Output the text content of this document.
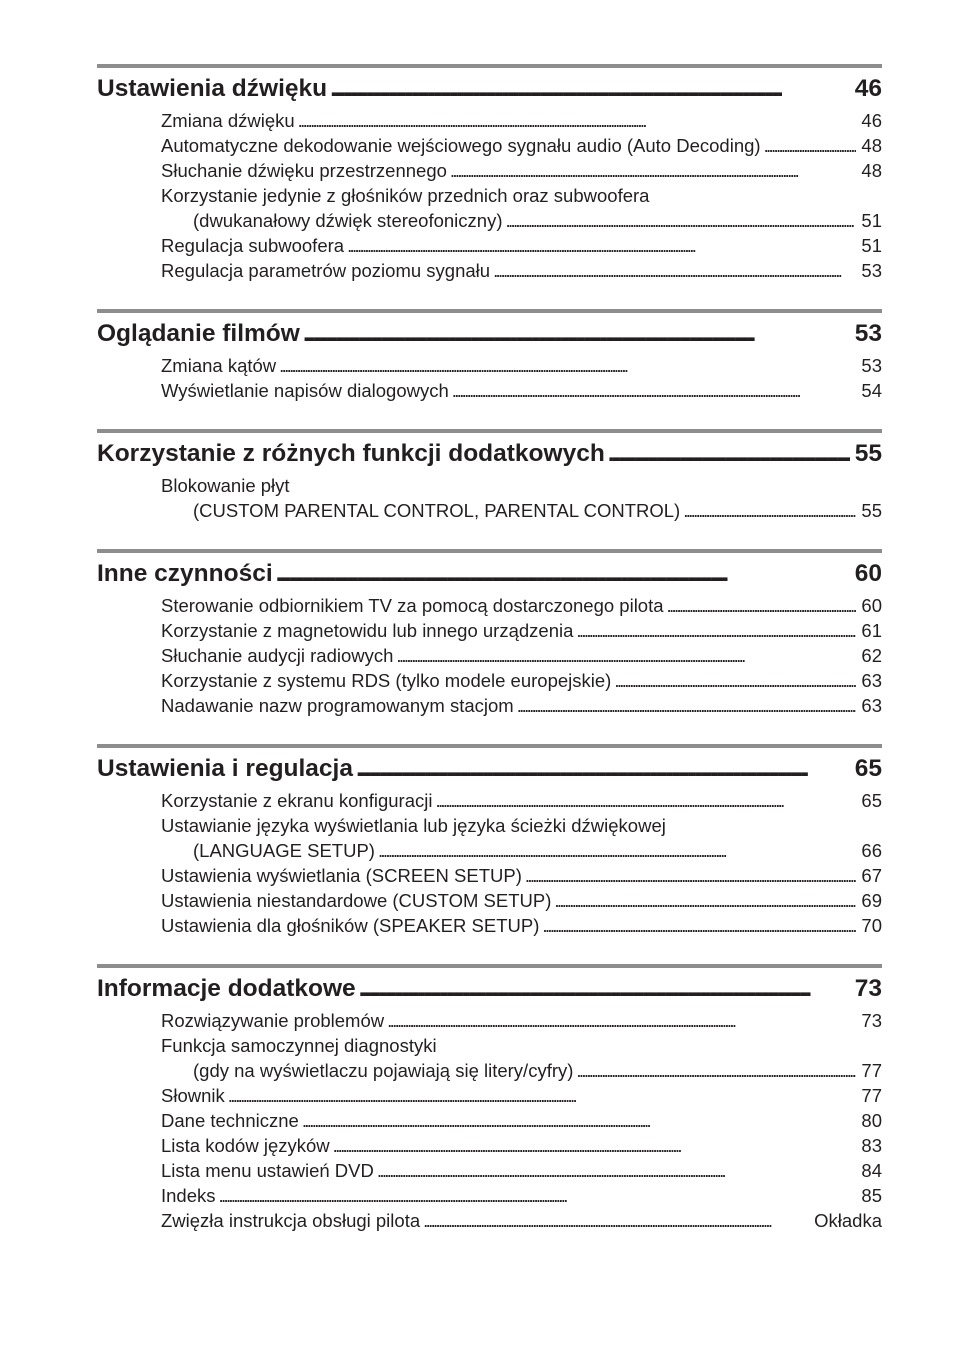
Ustawienia dźwięku . . .	46
Zmiana dźwięku . . .	46
Automatyczne dekodowanie wejściowego sygnału audio (Auto Decoding) . . .	48
Słuchanie dźwięku przestrzennego . . .	48
Korzystanie jedynie z głośników przednich oraz subwoofera
(dwukanałowy dźwięk stereofoniczny) . . .	51
Regulacja subwoofera . . .	51
Regulacja parametrów poziomu sygnału . . .	53
Oglądanie filmów . . .	53
Zmiana kątów . . .	53
Wyświetlanie napisów dialogowych . . .	54
Korzystanie z różnych funkcji dodatkowych . . .	55
Blokowanie płyt
(CUSTOM PARENTAL CONTROL, PARENTAL CONTROL) . . .	55
Inne czynności . . .	60
Sterowanie odbiornikiem TV za pomocą dostarczonego pilota . . .	60
Korzystanie z magnetowidu lub innego urządzenia . . .	61
Słuchanie audycji radiowych . . .	62
Korzystanie z systemu RDS (tylko modele europejskie) . . .	63
Nadawanie nazw programowanym stacjom . . .	63
Ustawienia i regulacja . . .	65
Korzystanie z ekranu konfiguracji . . .	65
Ustawianie języka wyświetlania lub języka ścieżki dźwiękowej
(LANGUAGE SETUP) . . .	66
Ustawienia wyświetlania (SCREEN SETUP) . . .	67
Ustawienia niestandardowe (CUSTOM SETUP) . . .	69
Ustawienia dla głośników (SPEAKER SETUP) . . .	70
Informacje dodatkowe . . .	73
Rozwiązywanie problemów . . .	73
Funkcja samoczynnej diagnostyki
(gdy na wyświetlaczu pojawiają się litery/cyfry) . . .	77
Słownik . . .	77
Dane techniczne . . .	80
Lista kodów języków . . .	83
Lista menu ustawień DVD . . .	84
Indeks . . .	85
Zwięzła instrukcja obsługi pilota . . .	Okładka
